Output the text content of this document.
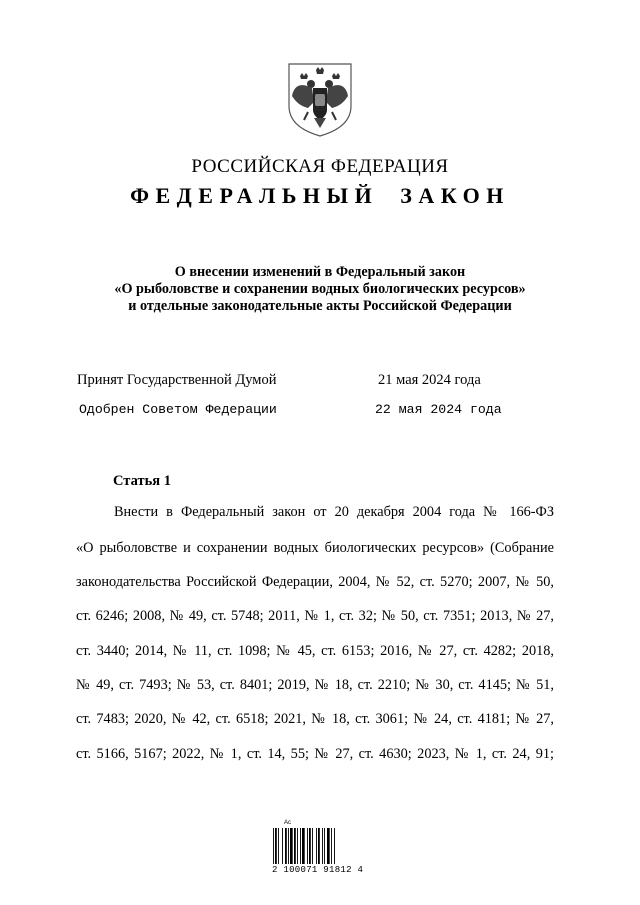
РОССИЙСКАЯ ФЕДЕРАЦИЯ
ФЕДЕРАЛЬНЫЙ ЗАКОН
О внесении изменений в Федеральный закон
«О рыболовстве и сохранении водных биологических ресурсов»
и отдельные законодательные акты Российской Федерации
Принят Государственной Думой	21 мая 2024 года
Одобрен Советом Федерации	22 мая 2024 года
Статья 1
Внести в Федеральный закон от 20 декабря 2004 года № 166-ФЗ
«О рыболовстве и сохранении водных биологических ресурсов» (Собрание
законодательства Российской Федерации, 2004, № 52, ст. 5270; 2007, № 50,
ст. 6246; 2008, № 49, ст. 5748; 2011, № 1, ст. 32; № 50, ст. 7351; 2013, № 27,
ст. 3440; 2014, № 11, ст. 1098; № 45, ст. 6153; 2016, № 27, ст. 4282; 2018,
№ 49, ст. 7493; № 53, ст. 8401; 2019, № 18, ст. 2210; № 30, ст. 4145; № 51,
ст. 7483; 2020, № 42, ст. 6518; 2021, № 18, ст. 3061; № 24, ст. 4181; № 27,
ст. 5166, 5167; 2022, № 1, ст. 14, 55; № 27, ст. 4630; 2023, № 1, ст. 24, 91;
Ac
2 100071 91812 4
